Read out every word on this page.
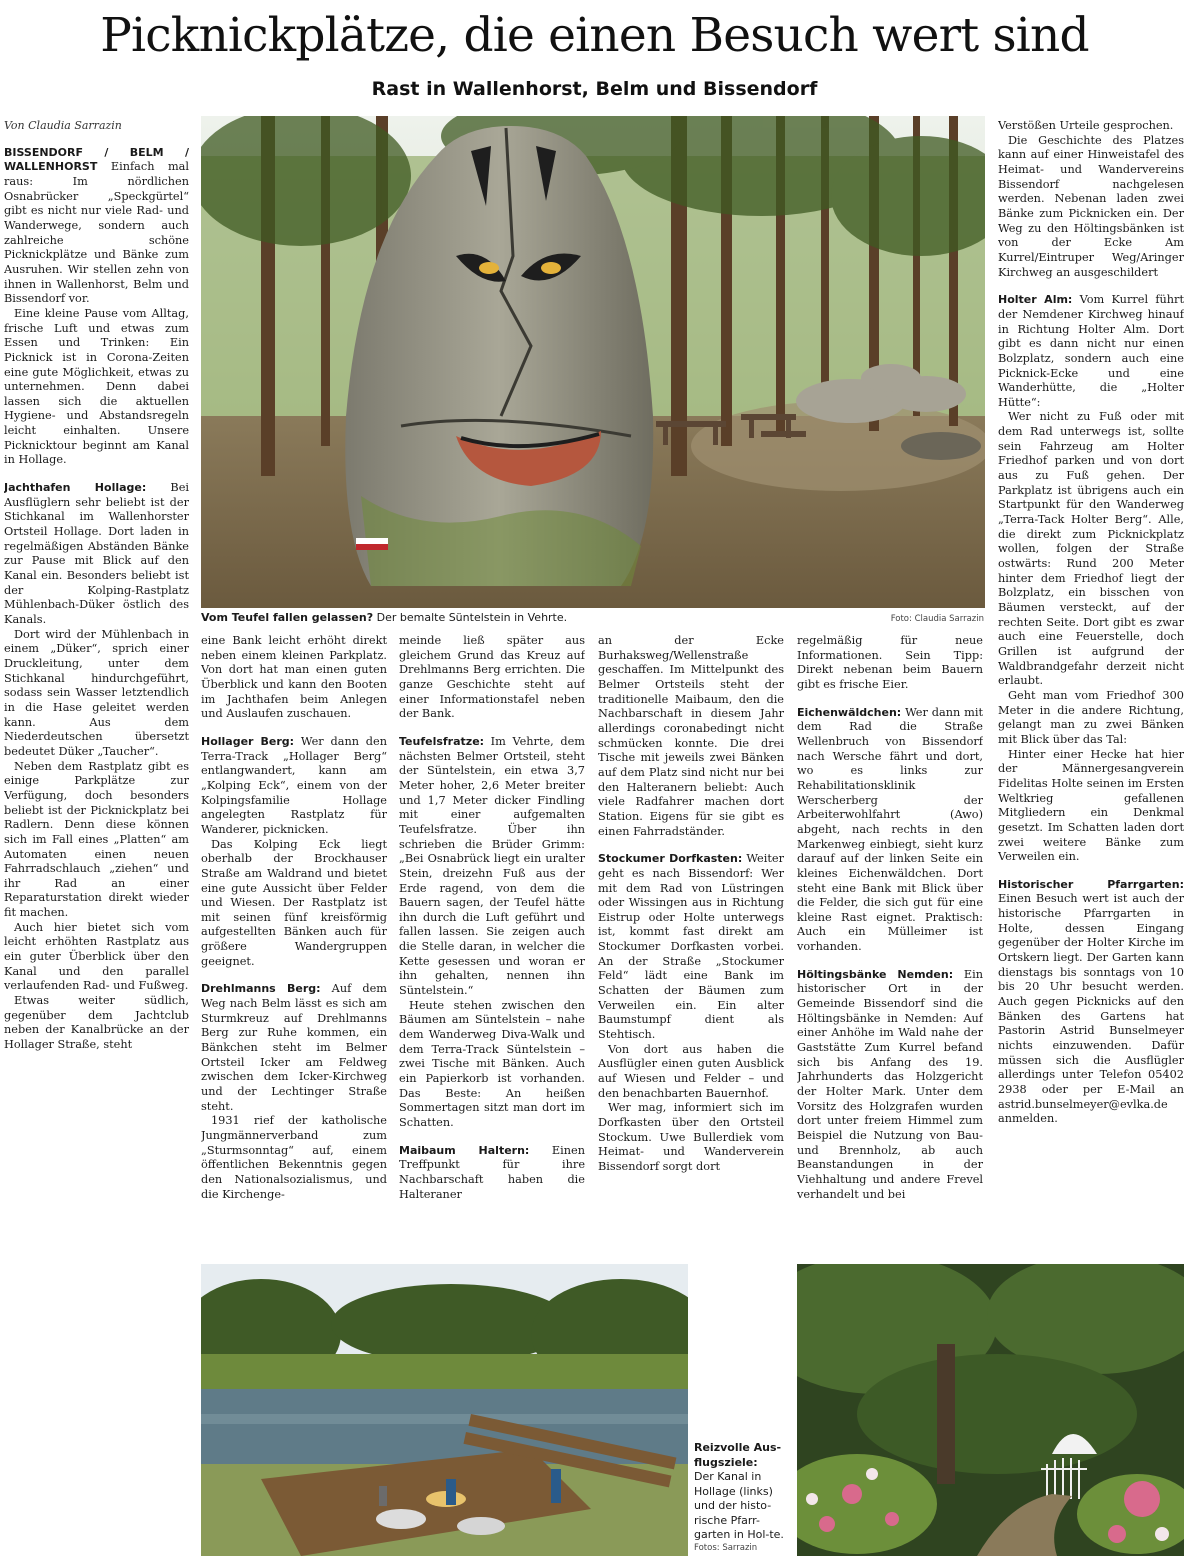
Picknickplätze, die einen Besuch wert sind
Rast in Wallenhorst, Belm und Bissendorf
Von Claudia Sarrazin

BISSENDORF / BELM / WALLENHORST Einfach mal raus: Im nördlichen Osnabrücker „Speckgürtel“ gibt es nicht nur viele Rad- und Wanderwege, sondern auch zahlreiche schöne Picknickplätze und Bänke zum Ausruhen. Wir stellen zehn von ihnen in Wallenhorst, Belm und Bissendorf vor.

Eine kleine Pause vom Alltag, frische Luft und etwas zum Essen und Trinken: Ein Picknick ist in Corona-Zeiten eine gute Möglichkeit, etwas zu unternehmen. Denn dabei lassen sich die aktuellen Hygiene- und Abstandsregeln leicht einhalten. Unsere Picknicktour beginnt am Kanal in Hollage.

Jachthafen Hollage: Bei Ausflüglern sehr beliebt ist der Stichkanal im Wallenhorster Ortsteil Hollage. Dort laden in regelmäßigen Abständen Bänke zur Pause mit Blick auf den Kanal ein. Besonders beliebt ist der Kolping-Rastplatz Mühlenbach-Düker östlich des Kanals.

Dort wird der Mühlenbach in einem „Düker“, sprich einer Druckleitung, unter dem Stichkanal hindurchgeführt, sodass sein Wasser letztendlich in die Hase geleitet werden kann. Aus dem Niederdeutschen übersetzt bedeutet Düker „Taucher“.

Neben dem Rastplatz gibt es einige Parkplätze zur Verfügung, doch besonders beliebt ist der Picknickplatz bei Radlern. Denn diese können sich im Fall eines „Platten“ am Automaten einen neuen Fahrradschlauch „ziehen“ und ihr Rad an einer Reparaturstation direkt wieder fit machen.

Auch hier bietet sich vom leicht erhöhten Rastplatz aus ein guter Überblick über den Kanal und den parallel verlaufenden Rad- und Fußweg.

Etwas weiter südlich, gegenüber dem Jachtclub neben der Kanalbrücke an der Hollager Straße, steht

Vom Teufel fallen gelassen? Der bemalte Süntelstein in Vehrte.	Foto: Claudia Sarrazin

eine Bank leicht erhöht direkt neben einem kleinen Parkplatz. Von dort hat man einen guten Überblick und kann den Booten im Jachthafen beim Anlegen und Auslaufen zuschauen.

Hollager Berg: Wer dann den Terra-Track „Hollager Berg“ entlangwandert, kann am „Kolping Eck“, einem von der Kolpingsfamilie Hollage angelegten Rastplatz für Wanderer, picknicken.

Das Kolping Eck liegt oberhalb der Brockhauser Straße am Waldrand und bietet eine gute Aussicht über Felder und Wiesen. Der Rastplatz ist mit seinen fünf kreisförmig aufgestellten Bänken auch für größere Wandergruppen geeignet.

Drehlmanns Berg: Auf dem Weg nach Belm lässt es sich am Sturmkreuz auf Drehlmanns Berg zur Ruhe kommen, ein Bänkchen steht im Belmer Ortsteil Icker am Feldweg zwischen dem Icker-Kirchweg und der Lechtinger Straße steht.

1931 rief der katholische Jungmännerverband zum „Sturmsonntag“ auf, einem öffentlichen Bekenntnis gegen den Nationalsozialismus, und die Kirchenge-

meinde ließ später aus gleichem Grund das Kreuz auf Drehlmanns Berg errichten. Die ganze Geschichte steht auf einer Informationstafel neben der Bank.

Teufelsfratze: Im Vehrte, dem nächsten Belmer Ortsteil, steht der Süntelstein, ein etwa 3,7 Meter hoher, 2,6 Meter breiter und 1,7 Meter dicker Findling mit einer aufgemalten Teufelsfratze. Über ihn schrieben die Brüder Grimm: „Bei Osnabrück liegt ein uralter Stein, dreizehn Fuß aus der Erde ragend, von dem die Bauern sagen, der Teufel hätte ihn durch die Luft geführt und fallen lassen. Sie zeigen auch die Stelle daran, in welcher die Kette gesessen und woran er ihn gehalten, nennen ihn Süntelstein.“

Heute stehen zwischen den Bäumen am Süntelstein – nahe dem Wanderweg Diva-Walk und dem Terra-Track Süntelstein – zwei Tische mit Bänken. Auch ein Papierkorb ist vorhanden. Das Beste: An heißen Sommertagen sitzt man dort im Schatten.

Maibaum Haltern: Einen Treffpunkt für ihre Nachbarschaft haben die Halteraner

an der Ecke Burhaksweg/Wellenstraße geschaffen. Im Mittelpunkt des Belmer Ortsteils steht der traditionelle Maibaum, den die Nachbarschaft in diesem Jahr allerdings coronabedingt nicht schmücken konnte. Die drei Tische mit jeweils zwei Bänken auf dem Platz sind nicht nur bei den Halteranern beliebt: Auch viele Radfahrer machen dort Station. Eigens für sie gibt es einen Fahrradständer.

Stockumer Dorfkasten: Weiter geht es nach Bissendorf: Wer mit dem Rad von Lüstringen oder Wissingen aus in Richtung Eistrup oder Holte unterwegs ist, kommt fast direkt am Stockumer Dorfkasten vorbei. An der Straße „Stockumer Feld“ lädt eine Bank im Schatten der Bäumen zum Verweilen ein. Ein alter Baumstumpf dient als Stehtisch.

Von dort aus haben die Ausflügler einen guten Ausblick auf Wiesen und Felder – und den benachbarten Bauernhof.

Wer mag, informiert sich im Dorfkasten über den Ortsteil Stockum. Uwe Bullerdiek vom Heimat- und Wanderverein Bissendorf sorgt dort

regelmäßig für neue Informationen. Sein Tipp: Direkt nebenan beim Bauern gibt es frische Eier.

Eichenwäldchen: Wer dann mit dem Rad die Straße Wellenbruch von Bissendorf nach Wersche fährt und dort, wo es links zur Rehabilitationsklinik Werscherberg der Arbeiterwohlfahrt (Awo) abgeht, nach rechts in den Markenweg einbiegt, sieht kurz darauf auf der linken Seite ein kleines Eichenwäldchen. Dort steht eine Bank mit Blick über die Felder, die sich gut für eine kleine Rast eignet. Praktisch: Auch ein Mülleimer ist vorhanden.

Höltingsbänke Nemden: Ein historischer Ort in der Gemeinde Bissendorf sind die Höltingsbänke in Nemden: Auf einer Anhöhe im Wald nahe der Gaststätte Zum Kurrel befand sich bis Anfang des 19. Jahrhunderts das Holzgericht der Holter Mark. Unter dem Vorsitz des Holzgrafen wurden dort unter freiem Himmel zum Beispiel die Nutzung von Bau- und Brennholz, ab auch Beanstandungen in der Viehhaltung und andere Frevel verhandelt und bei

Verstößen Urteile gesprochen.

Die Geschichte des Platzes kann auf einer Hinweistafel des Heimat- und Wandervereins Bissendorf nachgelesen werden. Nebenan laden zwei Bänke zum Picknicken ein. Der Weg zu den Höltingsbänken ist von der Ecke Am Kurrel/Eintruper Weg/Aringer Kirchweg an ausgeschildert

Holter Alm: Vom Kurrel führt der Nemdener Kirchweg hinauf in Richtung Holter Alm. Dort gibt es dann nicht nur einen Bolzplatz, sondern auch eine Picknick-Ecke und eine Wanderhütte, die „Holter Hütte“:

Wer nicht zu Fuß oder mit dem Rad unterwegs ist, sollte sein Fahrzeug am Holter Friedhof parken und von dort aus zu Fuß gehen. Der Parkplatz ist übrigens auch ein Startpunkt für den Wanderweg „Terra-Tack Holter Berg“. Alle, die direkt zum Picknickplatz wollen, folgen der Straße ostwärts: Rund 200 Meter hinter dem Friedhof liegt der Bolzplatz, ein bisschen von Bäumen versteckt, auf der rechten Seite. Dort gibt es zwar auch eine Feuerstelle, doch Grillen ist aufgrund der Waldbrandgefahr derzeit nicht erlaubt.

Geht man vom Friedhof 300 Meter in die andere Richtung, gelangt man zu zwei Bänken mit Blick über das Tal:

Hinter einer Hecke hat hier der Männergesangverein Fidelitas Holte seinen im Ersten Weltkrieg gefallenen Mitgliedern ein Denkmal gesetzt. Im Schatten laden dort zwei weitere Bänke zum Verweilen ein.

Historischer Pfarrgarten: Einen Besuch wert ist auch der historische Pfarrgarten in Holte, dessen Eingang gegenüber der Holter Kirche im Ortskern liegt. Der Garten kann dienstags bis sonntags von 10 bis 20 Uhr besucht werden. Auch gegen Picknicks auf den Bänken des Gartens hat Pastorin Astrid Bunselmeyer nichts einzuwenden. Dafür müssen sich die Ausflügler allerdings unter Telefon 05402 2938 oder per E-Mail an astrid.bunselmeyer@evlka.de anmelden.

Reizvolle Aus-flugsziele:
Der Kanal in Hollage (links) und der histo-rische Pfarr-garten in Hol-te.
Fotos: Sarrazin
